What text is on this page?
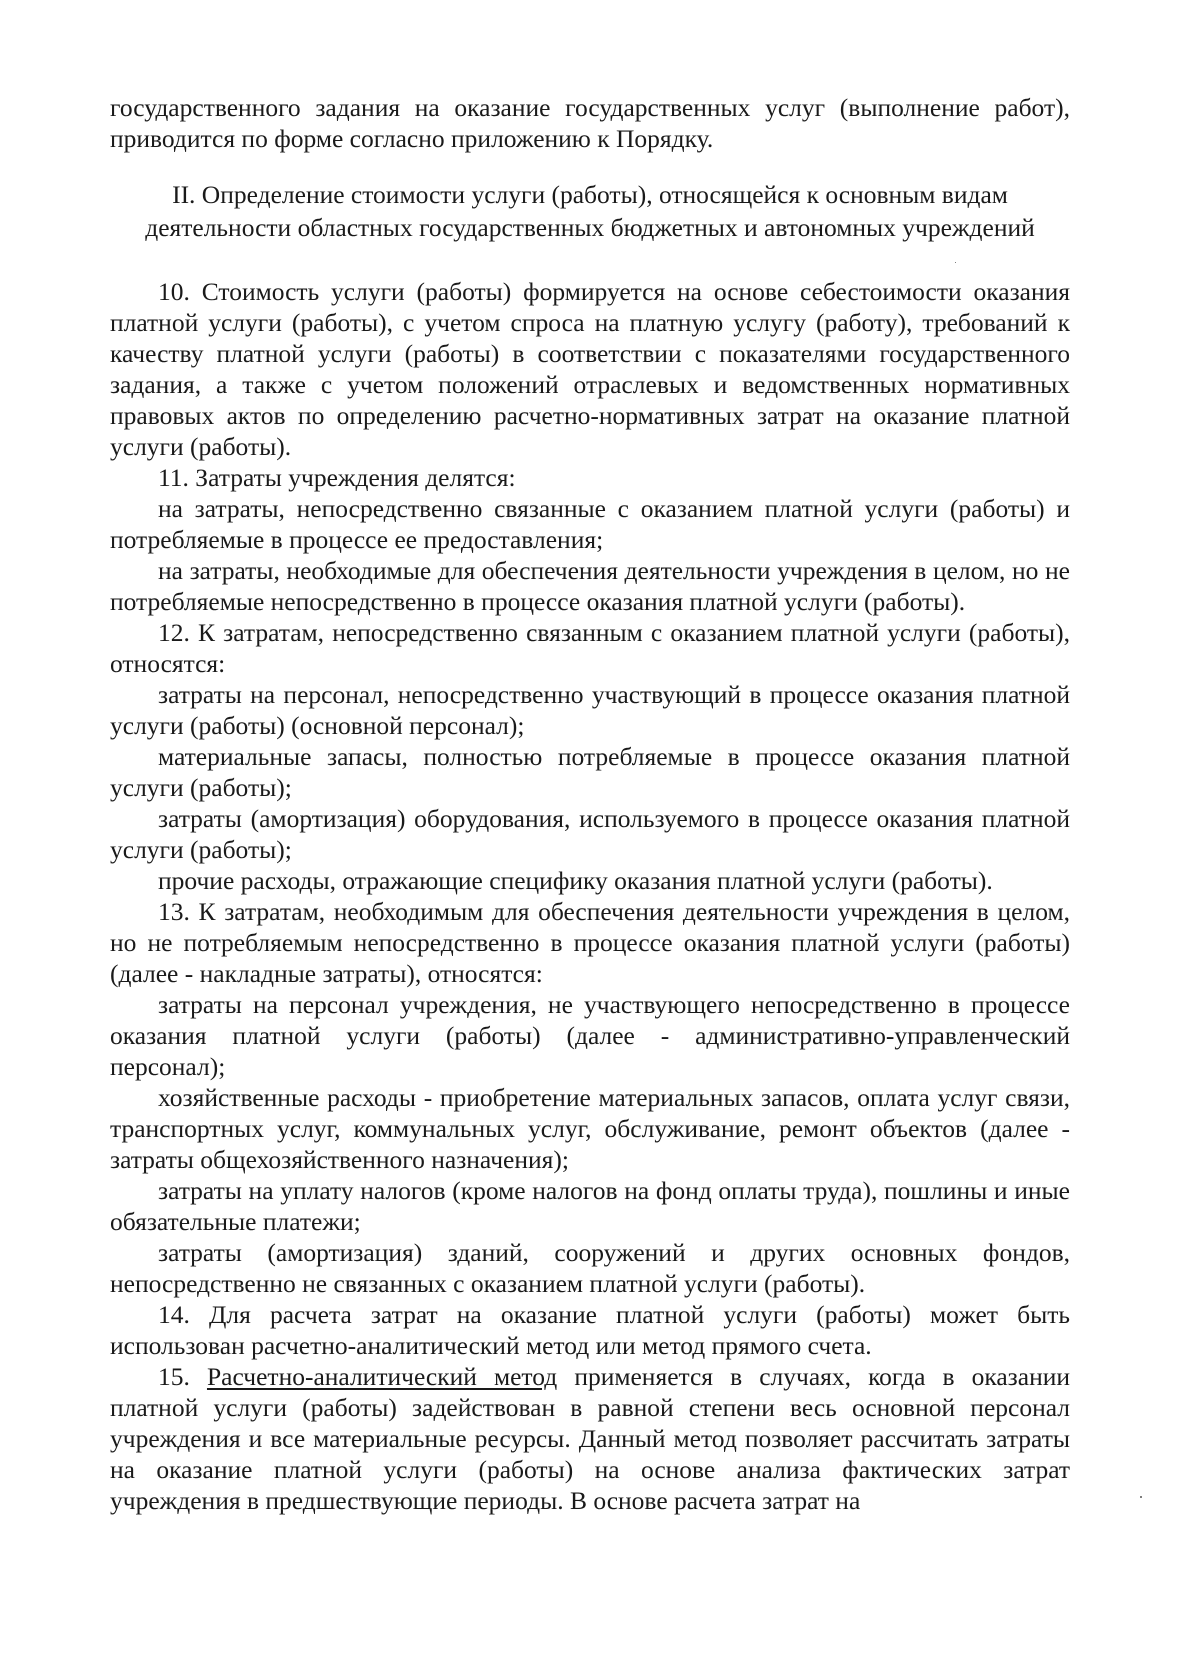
государственного задания на оказание государственных услуг (выполнение работ), приводится по форме согласно приложению к Порядку.

II. Определение стоимости услуги (работы), относящейся к основным видам
деятельности областных государственных бюджетных и автономных учреждений

10. Стоимость услуги (работы) формируется на основе себестоимости оказания платной услуги (работы), с учетом спроса на платную услугу (работу), требований к качеству платной услуги (работы) в соответствии с показателями государственного задания, а также с учетом положений отраслевых и ведомственных нормативных правовых актов по определению расчетно-нормативных затрат на оказание платной услуги (работы).

11. Затраты учреждения делятся:

на затраты, непосредственно связанные с оказанием платной услуги (работы) и потребляемые в процессе ее предоставления;

на затраты, необходимые для обеспечения деятельности учреждения в целом, но не потребляемые непосредственно в процессе оказания платной услуги (работы).

12. К затратам, непосредственно связанным с оказанием платной услуги (работы), относятся:

затраты на персонал, непосредственно участвующий в процессе оказания платной услуги (работы) (основной персонал);

материальные запасы, полностью потребляемые в процессе оказания платной услуги (работы);

затраты (амортизация) оборудования, используемого в процессе оказания платной услуги (работы);

прочие расходы, отражающие специфику оказания платной услуги (работы).

13. К затратам, необходимым для обеспечения деятельности учреждения в целом, но не потребляемым непосредственно в процессе оказания платной услуги (работы) (далее - накладные затраты), относятся:

затраты на персонал учреждения, не участвующего непосредственно в процессе оказания платной услуги (работы) (далее - административно-управленческий персонал);

хозяйственные расходы - приобретение материальных запасов, оплата услуг связи, транспортных услуг, коммунальных услуг, обслуживание, ремонт объектов (далее - затраты общехозяйственного назначения);

затраты на уплату налогов (кроме налогов на фонд оплаты труда), пошлины и иные обязательные платежи;

затраты (амортизация) зданий, сооружений и других основных фондов, непосредственно не связанных с оказанием платной услуги (работы).

14. Для расчета затрат на оказание платной услуги (работы) может быть использован расчетно-аналитический метод или метод прямого счета.

15. Расчетно-аналитический метод применяется в случаях, когда в оказании платной услуги (работы) задействован в равной степени весь основной персонал учреждения и все материальные ресурсы. Данный метод позволяет рассчитать затраты на оказание платной услуги (работы) на основе анализа фактических затрат учреждения в предшествующие периоды. В основе расчета затрат на
